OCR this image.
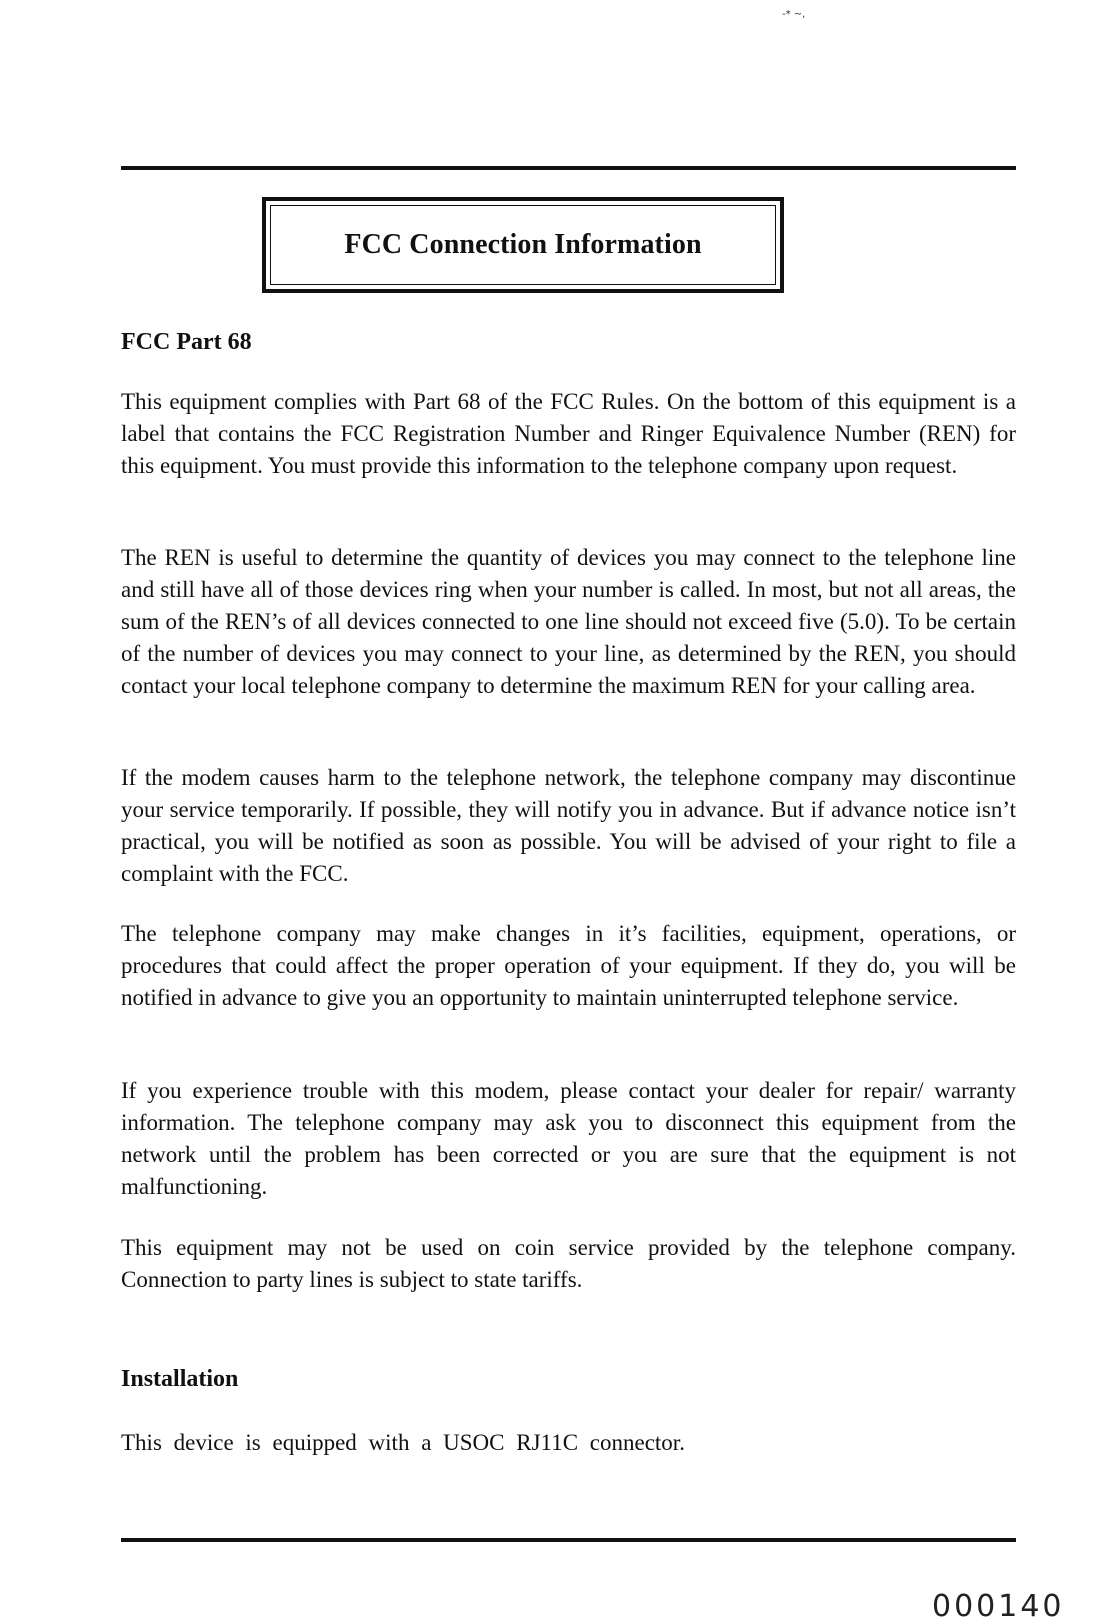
-* ~,
FCC Connection Information
FCC Part 68

This equipment complies with Part 68 of the FCC Rules. On the bottom of this equipment is a label that contains the FCC Registration Number and Ringer Equivalence Number (REN) for this equipment. You must provide this information to the telephone company upon request.

The REN is useful to determine the quantity of devices you may connect to the telephone line and still have all of those devices ring when your number is called. In most, but not all areas, the sum of the REN’s of all devices connected to one line should not exceed five (5.0). To be certain of the number of devices you may connect to your line, as determined by the REN, you should contact your local telephone company to determine the maximum REN for your calling area.

If the modem causes harm to the telephone network, the telephone company may discontinue your service temporarily. If possible, they will notify you in advance. But if advance notice isn’t practical, you will be notified as soon as possible. You will be advised of your right to file a complaint with the FCC.

The telephone company may make changes in it’s facilities, equipment, operations, or procedures that could affect the proper operation of your equipment. If they do, you will be notified in advance to give you an opportunity to maintain uninterrupted telephone service.

If you experience trouble with this modem, please contact your dealer for repair/ warranty information. The telephone company may ask you to disconnect this equipment from the network until the problem has been corrected or you are sure that the equipment is not malfunctioning.

This equipment may not be used on coin service provided by the telephone company. Connection to party lines is subject to state tariffs.

Installation
This device is equipped with a USOC RJ11C connector.
000140
